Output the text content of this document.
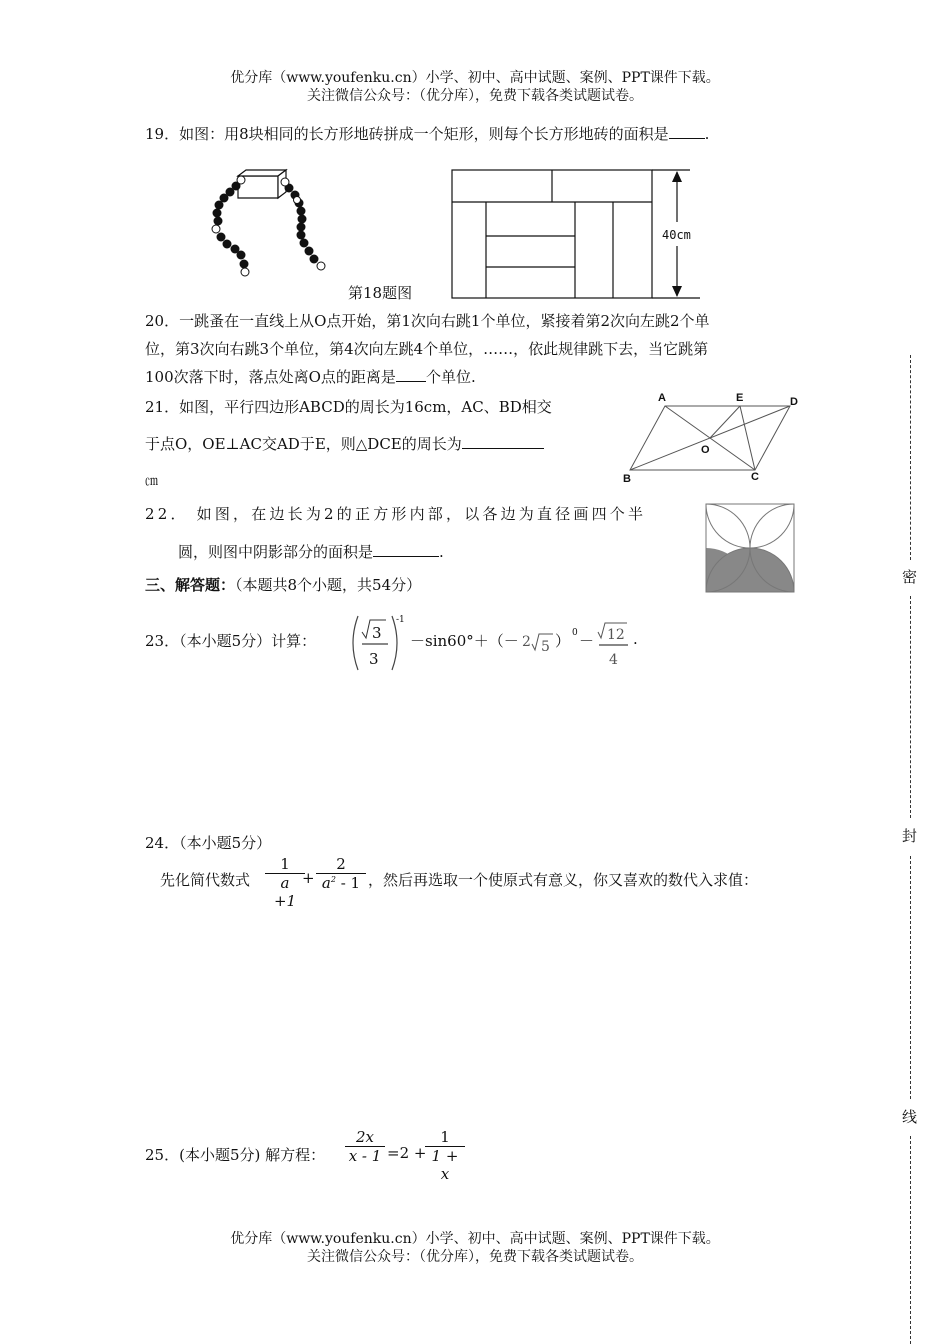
优分库（www.youfenku.cn）小学、初中、高中试题、案例、PPT课件下载。
关注微信公众号：（优分库），免费下载各类试题试卷。
19．如图：用8块相同的长方形地砖拼成一个矩形，则每个长方形地砖的面积是 .
第18题图
40cm
20．一跳蚤在一直线上从O点开始，第1次向右跳1个单位，紧接着第2次向左跳2个单
位，第3次向右跳3个单位，第4次向左跳4个单位，……，依此规律跳下去，当它跳第
100次落下时，落点处离O点的距离是 个单位.
21．如图，平行四边形ABCD的周长为16cm，AC、BD相交
于点O，OE⊥AC交AD于E，则△DCE的周长为
㎝
A	E	D
B	C
O
22． 如图，在边长为2的正方形内部，以各边为直径画四个半
圆，则图中阴影部分的面积是	.
三、解答题：（本题共8个小题，共54分）
23．（本小题5分）计算：	3
3
-1
－sin60°＋（－ 2 5 ） 0 － 12
4
.
24．（本小题5分）
先化简代数式 $\frac{1}{a +1}$
+ $\frac{2}{a^2 - 1}$ ，然后再选取一个使原式有意义，你又喜欢的数代入求值：
25．(本小题5分) 解方程： $\frac{2x}{x - 1} =2$ +
$\frac{1}{1 + x}$
优分库（www.youfenku.cn）小学、初中、高中试题、案例、PPT课件下载。
关注微信公众号：（优分库），免费下载各类试题试卷。
密
封
线
